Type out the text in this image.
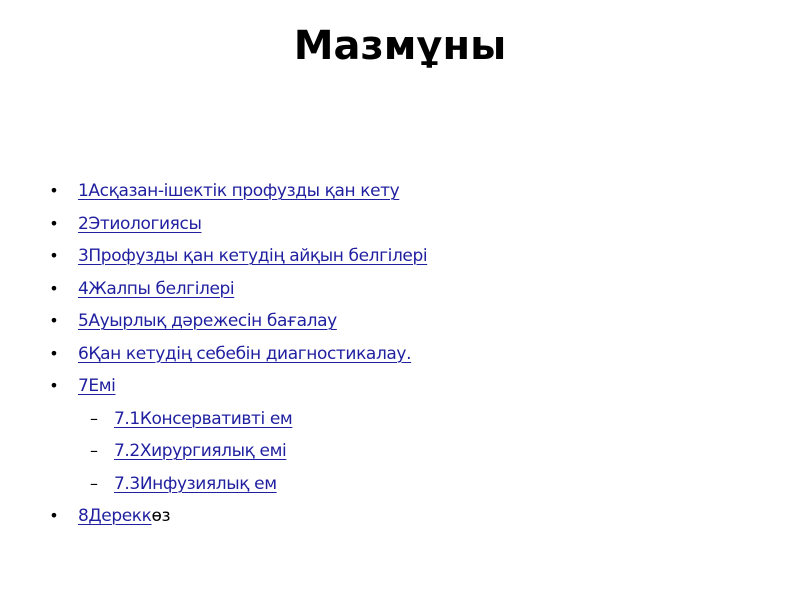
Мазмұны
• 1Асқазан-ішектік профузды қан кету
• 2Этиологиясы
• 3Профузды қан кетудің айқын белгілері
• 4Жалпы белгілері
• 5Ауырлық дәрежесін бағалау
• 6Қан кетудің себебін диагностикалау.
• 7Емі
– 7.1Консервативті ем
– 7.2Хирургиялық емі
– 7.3Инфузиялық ем
• 8Дереккөз
